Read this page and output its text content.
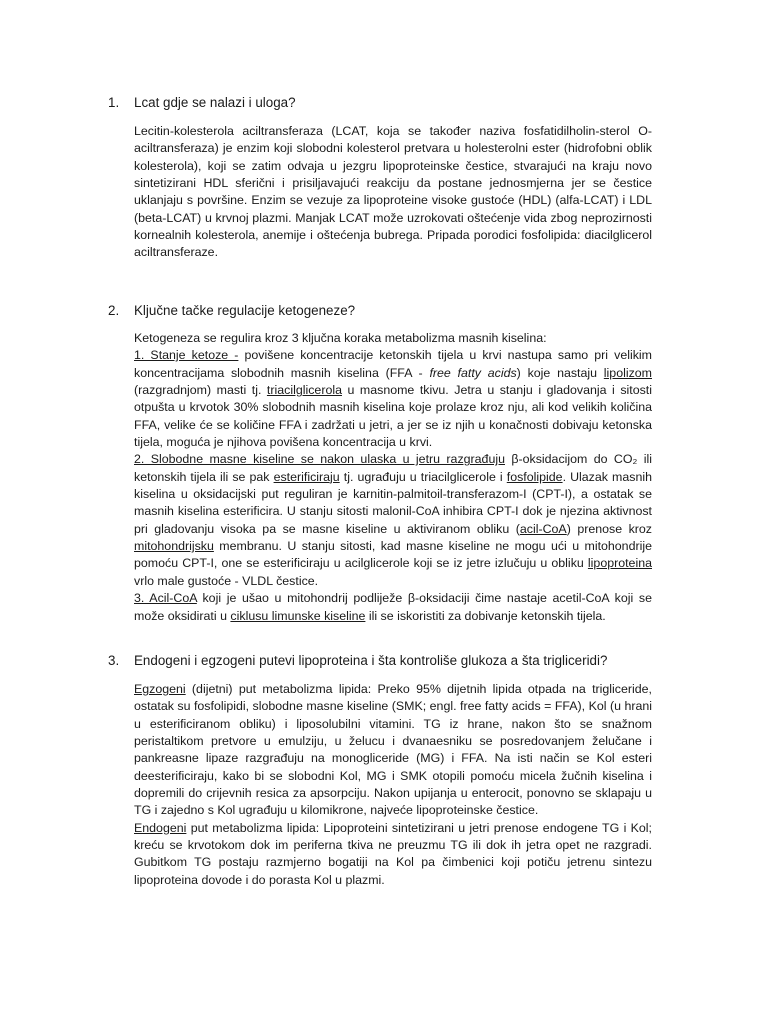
1. Lcat gdje se nalazi i uloga?
Lecitin-kolesterola aciltransferaza (LCAT, koja se također naziva fosfatidilholin-sterol O-aciltransferaza) je enzim koji slobodni kolesterol pretvara u holesterolni ester (hidrofobni oblik kolesterola), koji se zatim odvaja u jezgru lipoproteinske čestice, stvarajući na kraju novo sintetizirani HDL sferični i prisiljavajući reakciju da postane jednosmjerna jer se čestice uklanjaju s površine. Enzim se vezuje za lipoproteine visoke gustoće (HDL) (alfa-LCAT) i LDL (beta-LCAT) u krvnoj plazmi. Manjak LCAT može uzrokovati oštećenje vida zbog neprozirnosti kornealnih kolesterola, anemije i oštećenja bubrega. Pripada porodici fosfolipida: diacilglicerol aciltransferaze.
2. Ključne tačke regulacije ketogeneze?
Ketogeneza se regulira kroz 3 ključna koraka metabolizma masnih kiselina:
1. Stanje ketoze - povišene koncentracije ketonskih tijela u krvi nastupa samo pri velikim koncentracijama slobodnih masnih kiselina (FFA - free fatty acids) koje nastaju lipolizom (razgradnjom) masti tj. triacilglicerola u masnome tkivu. Jetra u stanju i gladovanja i sitosti otpušta u krvotok 30% slobodnih masnih kiselina koje prolaze kroz nju, ali kod velikih količina FFA, velike će se količine FFA i zadržati u jetri, a jer se iz njih u konačnosti dobivaju ketonska tijela, moguća je njihova povišena koncentracija u krvi.
2. Slobodne masne kiseline se nakon ulaska u jetru razgrađuju β-oksidacijom do CO₂ ili ketonskih tijela ili se pak esterificiraju tj. ugrađuju u triacilglicerole i fosfolipide. Ulazak masnih kiselina u oksidacijski put reguliran je karnitin-palmitoil-transferazom-I (CPT-I), a ostatak se masnih kiselina esterificira. U stanju sitosti malonil-CoA inhibira CPT-I dok je njezina aktivnost pri gladovanju visoka pa se masne kiseline u aktiviranom obliku (acil-CoA) prenose kroz mitohondrijsku membranu. U stanju sitosti, kad masne kiseline ne mogu ući u mitohondrije pomoću CPT-I, one se esterificiraju u acilglicerole koji se iz jetre izlučuju u obliku lipoproteina vrlo male gustoće - VLDL čestice.
3. Acil-CoA koji je ušao u mitohondrij podliježe β-oksidaciji čime nastaje acetil-CoA koji se može oksidirati u ciklusu limunske kiseline ili se iskoristiti za dobivanje ketonskih tijela.
3. Endogeni i egzogeni putevi lipoproteina i šta kontroliše glukoza a šta trigliceridi?
Egzogeni (dijetni) put metabolizma lipida: Preko 95% dijetnih lipida otpada na trigliceride, ostatak su fosfolipidi, slobodne masne kiseline (SMK; engl. free fatty acids = FFA), Kol (u hrani u esterificiranom obliku) i liposolubilni vitamini. TG iz hrane, nakon što se snažnom peristaltikom pretvore u emulziju, u želucu i dvanaesniku se posredovanjem želučane i pankreasne lipaze razgrađuju na monogliceride (MG) i FFA. Na isti način se Kol esteri deesterificiraju, kako bi se slobodni Kol, MG i SMK otopili pomoću micela žučnih kiselina i dopremili do crijevnih resica za apsorpciju. Nakon upijanja u enterocit, ponovno se sklapaju u TG i zajedno s Kol ugrađuju u kilomikrone, najveće lipoproteinske čestice.
Endogeni put metabolizma lipida: Lipoproteini sintetizirani u jetri prenose endogene TG i Kol; kreću se krvotokom dok im periferna tkiva ne preuzmu TG ili dok ih jetra opet ne razgradi. Gubitkom TG postaju razmjerno bogatiji na Kol pa čimbenici koji potiču jetrenu sintezu lipoproteina dovode i do porasta Kol u plazmi.
